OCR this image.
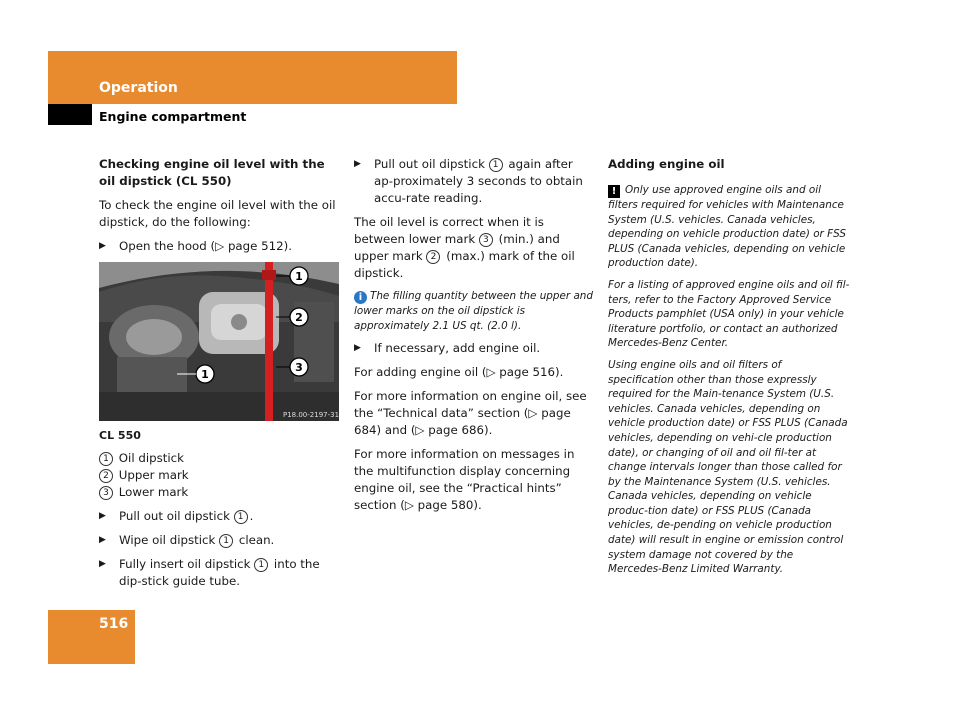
Operation
Engine compartment

Checking engine oil level with the oil dipstick (CL 550)

To check the engine oil level with the oil dipstick, do the following:

▶ Open the hood (▷ page 512).
1
2
3
1
P18.00-2197-31
CL 550
1 Oil dipstick
2 Upper mark
3 Lower mark
▶ Pull out oil dipstick 1 .
▶ Wipe oil dipstick 1 clean.
▶ Fully insert oil dipstick 1 into the dip-stick guide tube.
▶ Pull out oil dipstick 1 again after ap-proximately 3 seconds to obtain accu-rate reading.

The oil level is correct when it is between lower mark 3 (min.) and upper mark 2 (max.) mark of the oil dipstick.

i The filling quantity between the upper and lower marks on the oil dipstick is approximately 2.1 US qt. (2.0 l).

▶ If necessary, add engine oil.

For adding engine oil (▷ page 516).

For more information on engine oil, see the “Technical data” section (▷ page 684) and (▷ page 686).

For more information on messages in the multifunction display concerning engine oil, see the “Practical hints” section (▷ page 580).

Adding engine oil

! Only use approved engine oils and oil filters required for vehicles with Maintenance System (U.S. vehicles. Canada vehicles, depending on vehicle production date) or FSS PLUS (Canada vehicles, depending on vehicle production date).

For a listing of approved engine oils and oil fil-ters, refer to the Factory Approved Service Products pamphlet (USA only) in your vehicle literature portfolio, or contact an authorized Mercedes-Benz Center.

Using engine oils and oil filters of specification other than those expressly required for the Main-tenance System (U.S. vehicles. Canada vehicles, depending on vehicle production date) or FSS PLUS (Canada vehicles, depending on vehi-cle production date), or changing of oil and oil fil-ter at change intervals longer than those called for by the Maintenance System (U.S. vehicles. Canada vehicles, depending on vehicle produc-tion date) or FSS PLUS (Canada vehicles, de-pending on vehicle production date) will result in engine or emission control system damage not covered by the Mercedes-Benz Limited Warranty.

516
